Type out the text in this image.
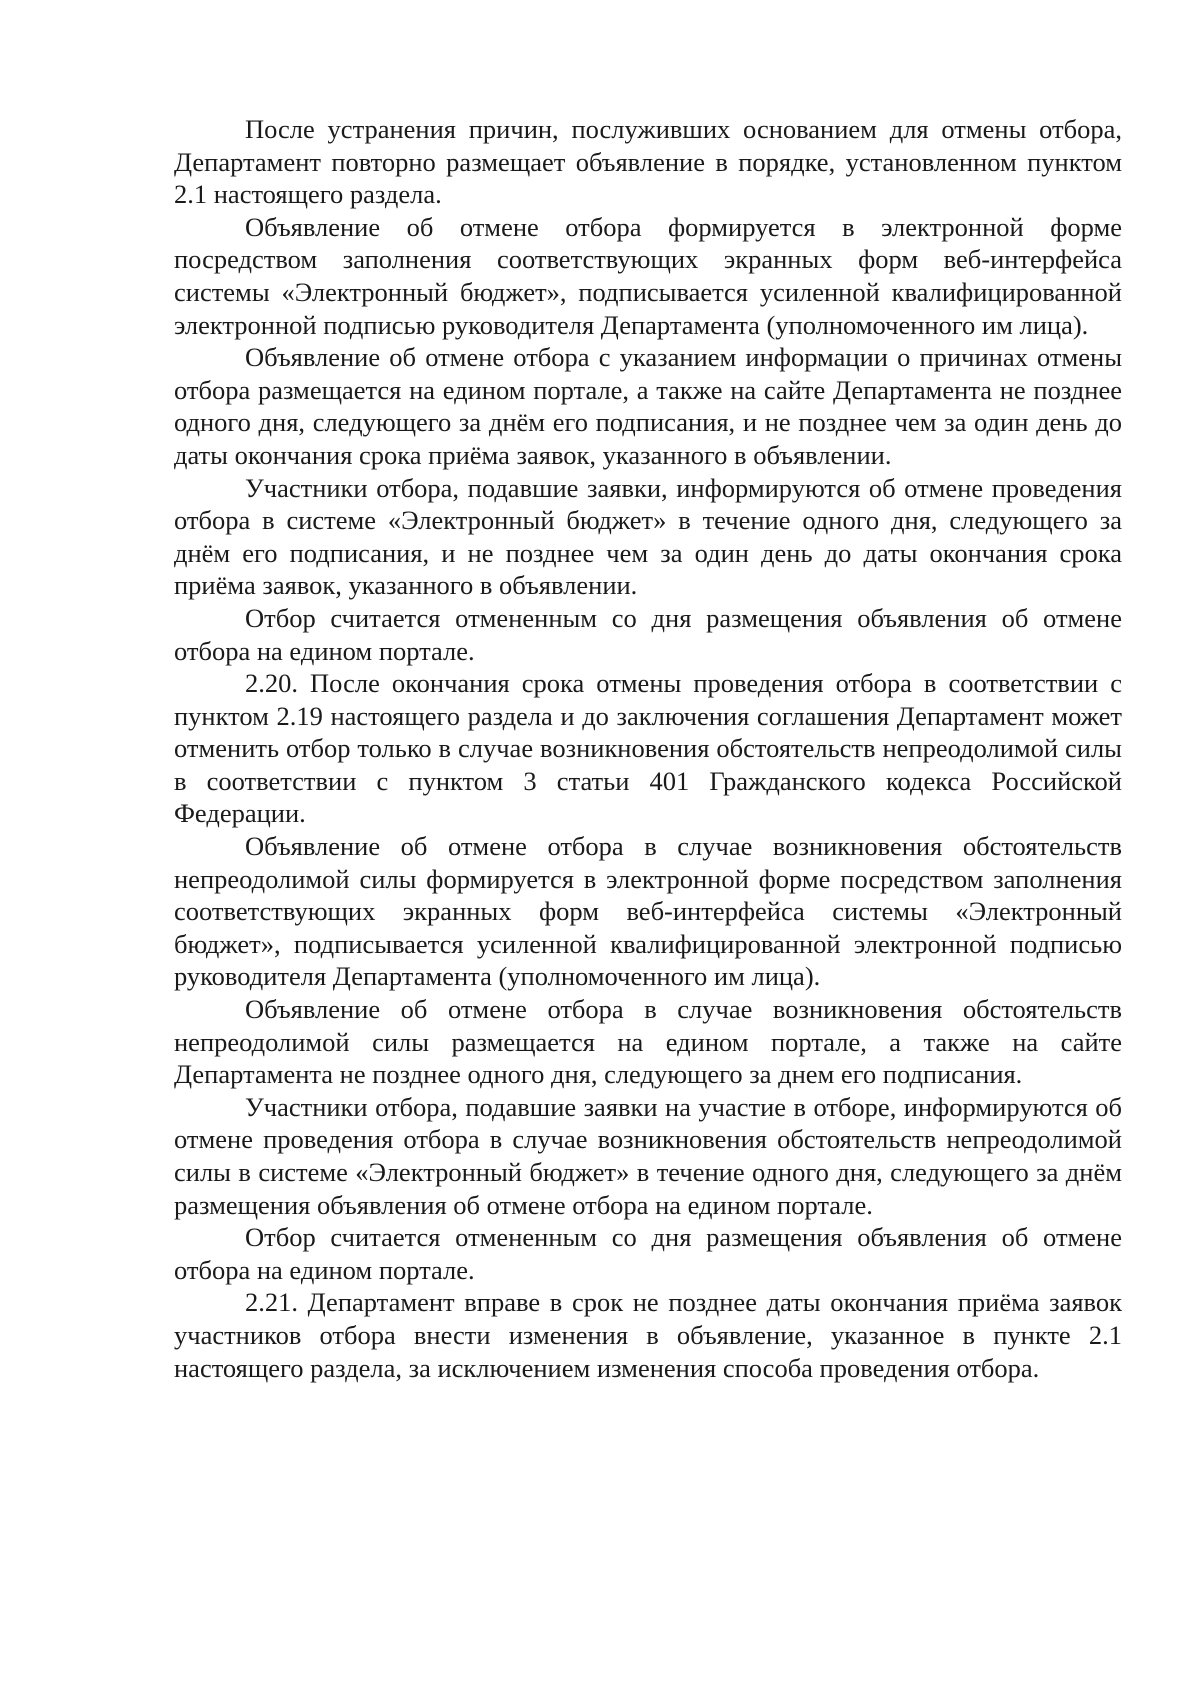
После устранения причин, послуживших основанием для отмены отбора, Департамент повторно размещает объявление в порядке, установленном пунктом 2.1 настоящего раздела.

Объявление об отмене отбора формируется в электронной форме посредством заполнения соответствующих экранных форм веб-интерфейса системы «Электронный бюджет», подписывается усиленной квалифицированной электронной подписью руководителя Департамента (уполномоченного им лица).

Объявление об отмене отбора с указанием информации о причинах отмены отбора размещается на едином портале, а также на сайте Департамента не позднее одного дня, следующего за днём его подписания, и не позднее чем за один день до даты окончания срока приёма заявок, указанного в объявлении.

Участники отбора, подавшие заявки, информируются об отмене проведения отбора в системе «Электронный бюджет» в течение одного дня, следующего за днём его подписания, и не позднее чем за один день до даты окончания срока приёма заявок, указанного в объявлении.

Отбор считается отмененным со дня размещения объявления об отмене отбора на едином портале.

2.20. После окончания срока отмены проведения отбора в соответствии с пунктом 2.19 настоящего раздела и до заключения соглашения Департамент может отменить отбор только в случае возникновения обстоятельств непреодолимой силы в соответствии с пунктом 3 статьи 401 Гражданского кодекса Российской Федерации.

Объявление об отмене отбора в случае возникновения обстоятельств непреодолимой силы формируется в электронной форме посредством заполнения соответствующих экранных форм веб-интерфейса системы «Электронный бюджет», подписывается усиленной квалифицированной электронной подписью руководителя Департамента (уполномоченного им лица).

Объявление об отмене отбора в случае возникновения обстоятельств непреодолимой силы размещается на едином портале, а также на сайте Департамента не позднее одного дня, следующего за днем его подписания.

Участники отбора, подавшие заявки на участие в отборе, информируются об отмене проведения отбора в случае возникновения обстоятельств непреодолимой силы в системе «Электронный бюджет» в течение одного дня, следующего за днём размещения объявления об отмене отбора на едином портале.

Отбор считается отмененным со дня размещения объявления об отмене отбора на едином портале.

2.21. Департамент вправе в срок не позднее даты окончания приёма заявок участников отбора внести изменения в объявление, указанное в пункте 2.1 настоящего раздела, за исключением изменения способа проведения отбора.
